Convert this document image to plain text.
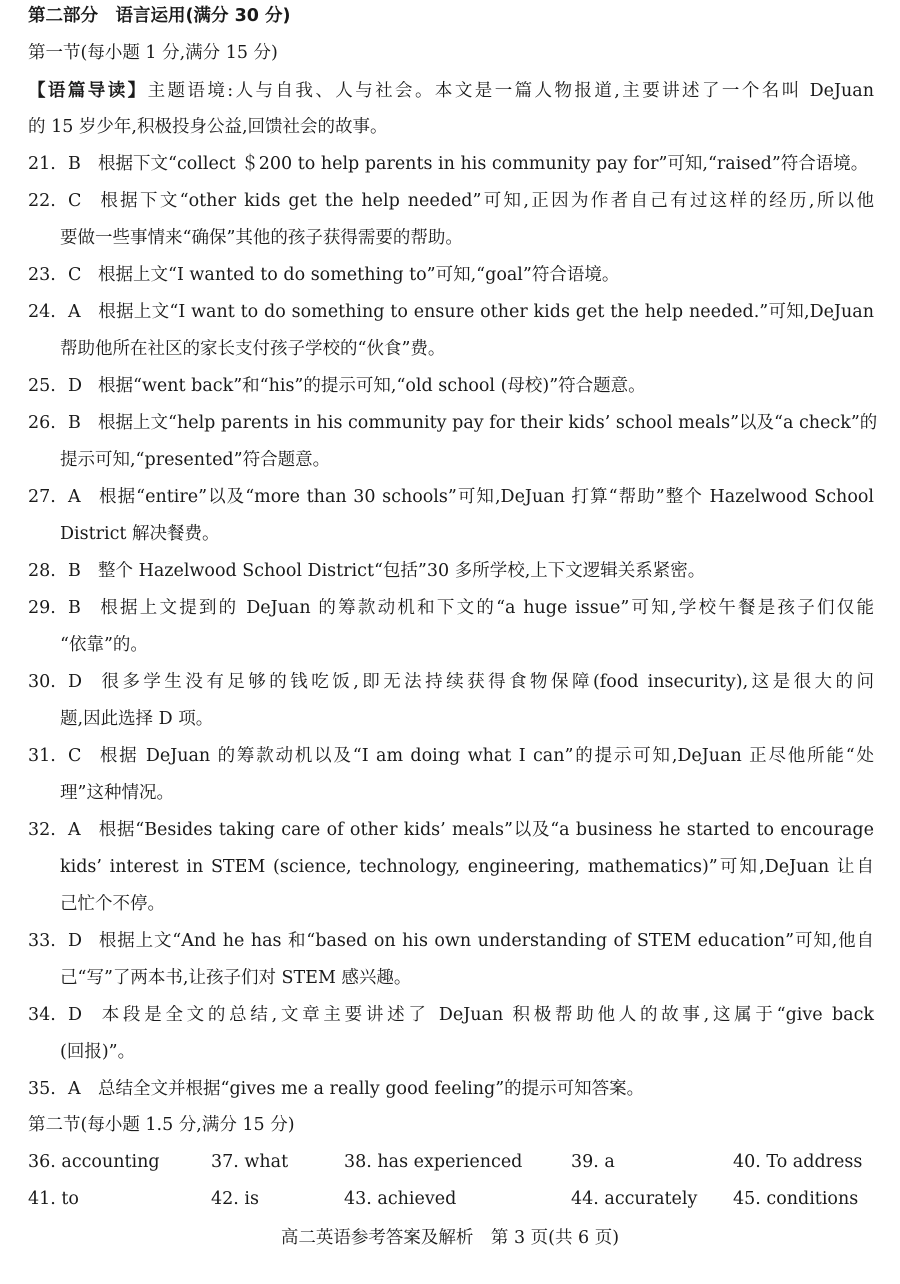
第二部分　语言运用(满分 30 分)
第一节(每小题 1 分,满分 15 分)
【语篇导读】主题语境:人与自我、人与社会。本文是一篇人物报道,主要讲述了一个名叫 DeJuan
的 15 岁少年,积极投身公益,回馈社会的故事。
21. B 根据下文“collect ＄200 to help parents in his community pay for”可知,“raised”符合语境。
22. C 根据下文“other kids get the help needed”可知,正因为作者自己有过这样的经历,所以他
要做一些事情来“确保”其他的孩子获得需要的帮助。
23. C 根据上文“I wanted to do something to”可知,“goal”符合语境。
24. A 根据上文“I want to do something to ensure other kids get the help needed.”可知,DeJuan
帮助他所在社区的家长支付孩子学校的“伙食”费。
25. D 根据“went back”和“his”的提示可知,“old school (母校)”符合题意。
26. B 根据上文“help parents in his community pay for their kids’ school meals”以及“a check”的
提示可知,“presented”符合题意。
27. A 根据“entire”以及“more than 30 schools”可知,DeJuan 打算“帮助”整个 Hazelwood School
District 解决餐费。
28. B 整个 Hazelwood School District“包括”30 多所学校,上下文逻辑关系紧密。
29. B 根据上文提到的 DeJuan 的筹款动机和下文的“a huge issue”可知,学校午餐是孩子们仅能
“依靠”的。
30. D 很多学生没有足够的钱吃饭,即无法持续获得食物保障(food insecurity),这是很大的问
题,因此选择 D 项。
31. C 根据 DeJuan 的筹款动机以及“I am doing what I can”的提示可知,DeJuan 正尽他所能“处
理”这种情况。
32. A 根据“Besides taking care of other kids’ meals”以及“a business he started to encourage
kids’ interest in STEM (science, technology, engineering, mathematics)”可知,DeJuan 让自
己忙个不停。
33. D 根据上文“And he has 和“based on his own understanding of STEM education”可知,他自
己“写”了两本书,让孩子们对 STEM 感兴趣。
34. D 本段是全文的总结,文章主要讲述了 DeJuan 积极帮助他人的故事,这属于“give back
(回报)”。
35. A 总结全文并根据“gives me a really good feeling”的提示可知答案。
第二节(每小题 1.5 分,满分 15 分)
36. accounting	37. what	38. has experienced	39. a	40. To address
41. to	42. is	43. achieved	44. accurately 45. conditions
高二英语参考答案及解析　第 3 页(共 6 页)
